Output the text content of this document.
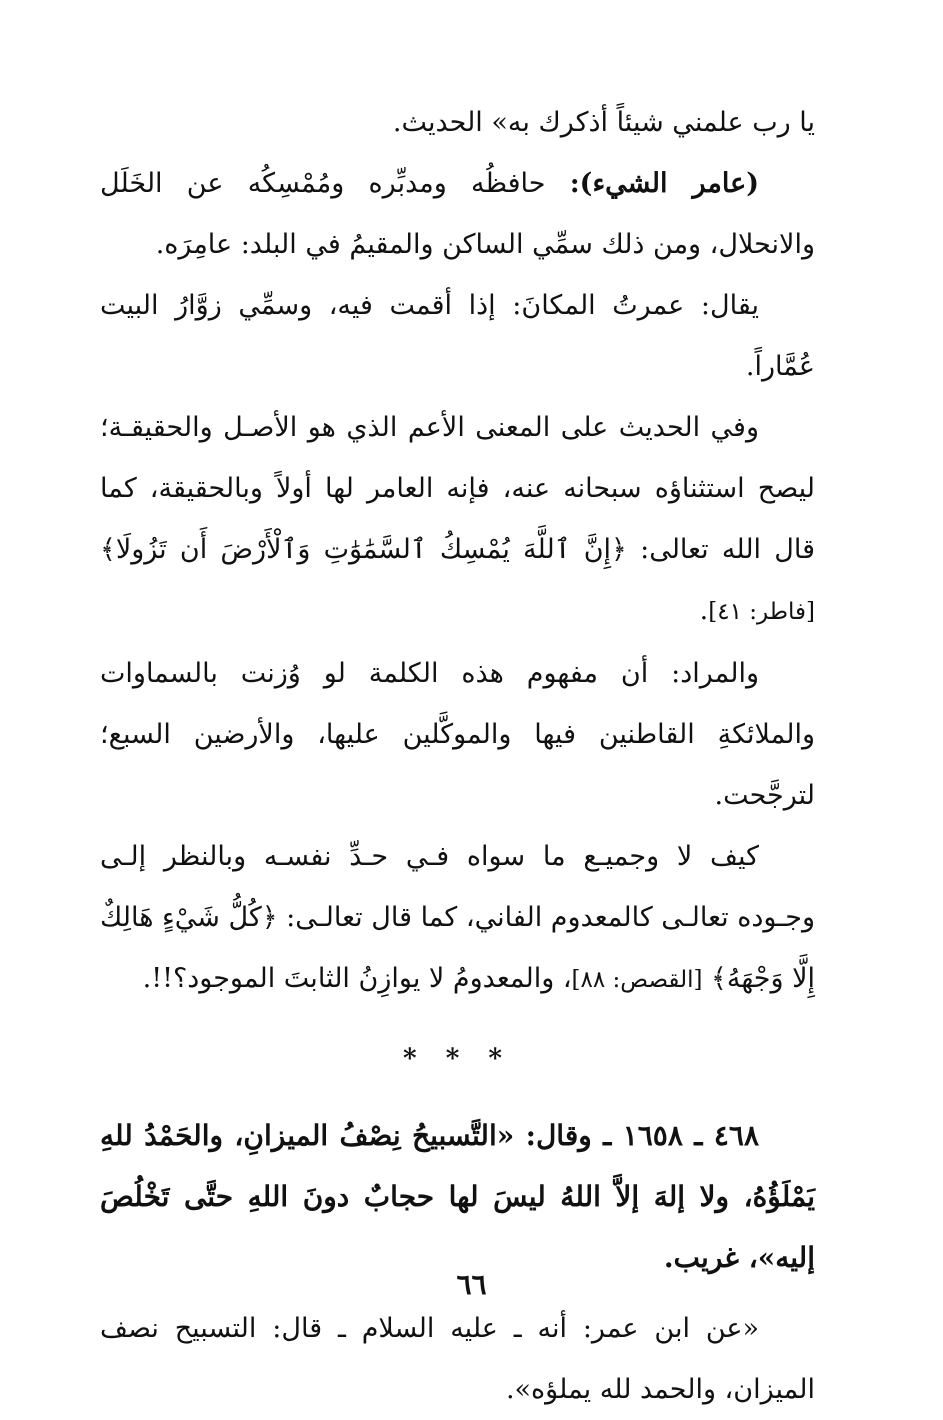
يا رب علمني شيئاً أذكرك به» الحديث.

(عامر الشيء): حافظُه ومدبِّره ومُمْسِكُه عن الخَلَل والانحلال، ومن ذلك سمِّي الساكن والمقيمُ في البلد: عامِرَه.

يقال: عمرتُ المكانَ: إذا أقمت فيه، وسمِّي زوَّارُ البيت عُمَّاراً.

وفي الحديث على المعنى الأعم الذي هو الأصـل والحقيقـة؛ ليصح استثناؤه سبحانه عنه، فإنه العامر لها أولاً وبالحقيقة، كما قال الله تعالى: ﴿إِنَّ ٱللَّهَ يُمْسِكُ ٱلسَّمَٰوَٰتِ وَٱلْأَرْضَ أَن تَزُولَا﴾[فاطر: ٤١].

والمراد: أن مفهوم هذه الكلمة لو وُزنت بالسماوات والملائكةِ القاطنين فيها والموكَّلين عليها، والأرضين السبع؛ لترجَّحت.

كيف لا وجميـع ما سواه فـي حـدِّ نفسـه وبالنظر إلـى وجـوده تعالـى كالمعدوم الفاني، كما قال تعالـى: ﴿كُلُّ شَيْءٍ هَالِكٌ إِلَّا وَجْهَهُ﴾ [القصص: ٨٨]، والمعدومُ لا يوازِنُ الثابتَ الموجود؟!!.

* * *

٤٦٨ ـ ١٦٥٨ ـ وقال: «التَّسبيحُ نِصْفُ الميزانِ، والحَمْدُ للهِ يَمْلَؤُهُ، ولا إلهَ إلاَّ اللهُ ليسَ لها حجابٌ دونَ اللهِ حتَّى تَخْلُصَ إليه»، غريب.

«عن ابن عمر: أنه ـ عليه السلام ـ قال: التسبيح نصف الميزان، والحمد لله يملؤه».

٦٦
